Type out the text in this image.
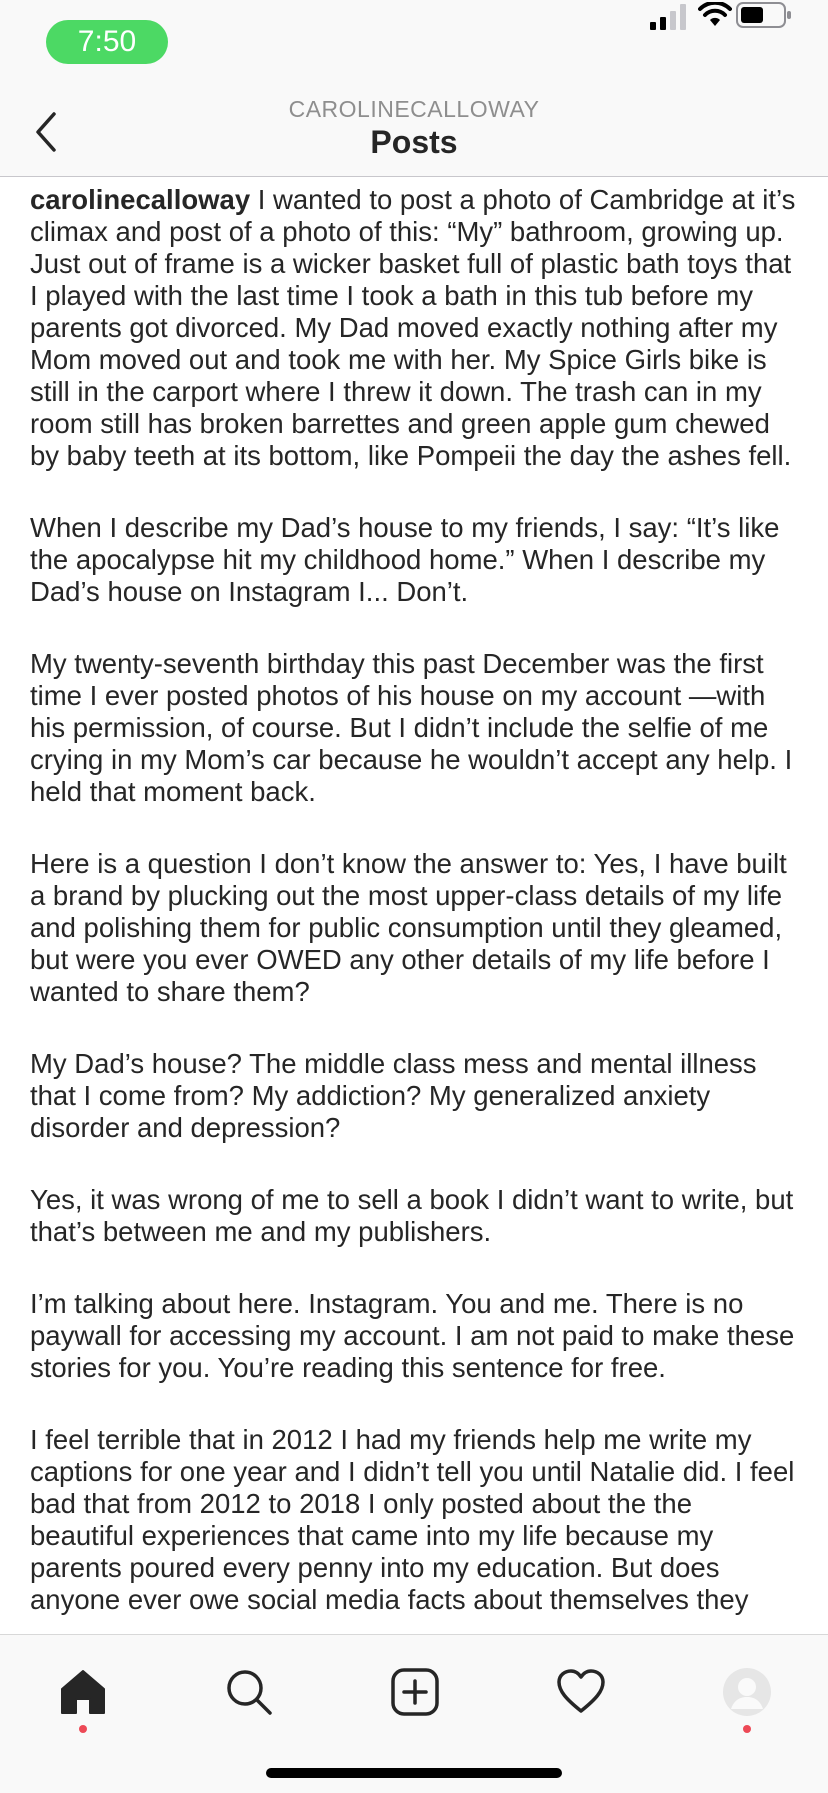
7:50
CAROLINECALLOWAY
Posts

carolinecalloway I wanted to post a photo of Cambridge at it’s climax and post of a photo of this: “My” bathroom, growing up. Just out of frame is a wicker basket full of plastic bath toys that I played with the last time I took a bath in this tub before my parents got divorced. My Dad moved exactly nothing after my Mom moved out and took me with her. My Spice Girls bike is still in the carport where I threw it down. The trash can in my room still has broken barrettes and green apple gum chewed by baby teeth at its bottom, like Pompeii the day the ashes fell.

When I describe my Dad’s house to my friends, I say: “It’s like the apocalypse hit my childhood home.” When I describe my Dad’s house on Instagram I... Don’t.

My twenty-seventh birthday this past December was the first time I ever posted photos of his house on my account —with his permission, of course. But I didn’t include the selfie of me crying in my Mom’s car because he wouldn’t accept any help. I held that moment back.

Here is a question I don’t know the answer to: Yes, I have built a brand by plucking out the most upper-class details of my life and polishing them for public consumption until they gleamed, but were you ever OWED any other details of my life before I wanted to share them?

My Dad’s house? The middle class mess and mental illness that I come from? My addiction? My generalized anxiety disorder and depression?

Yes, it was wrong of me to sell a book I didn’t want to write, but that’s between me and my publishers.

I’m talking about here. Instagram. You and me. There is no paywall for accessing my account. I am not paid to make these stories for you. You’re reading this sentence for free.

I feel terrible that in 2012 I had my friends help me write my captions for one year and I didn’t tell you until Natalie did. I feel bad that from 2012 to 2018 I only posted about the the beautiful experiences that came into my life because my parents poured every penny into my education. But does anyone ever owe social media facts about themselves they
